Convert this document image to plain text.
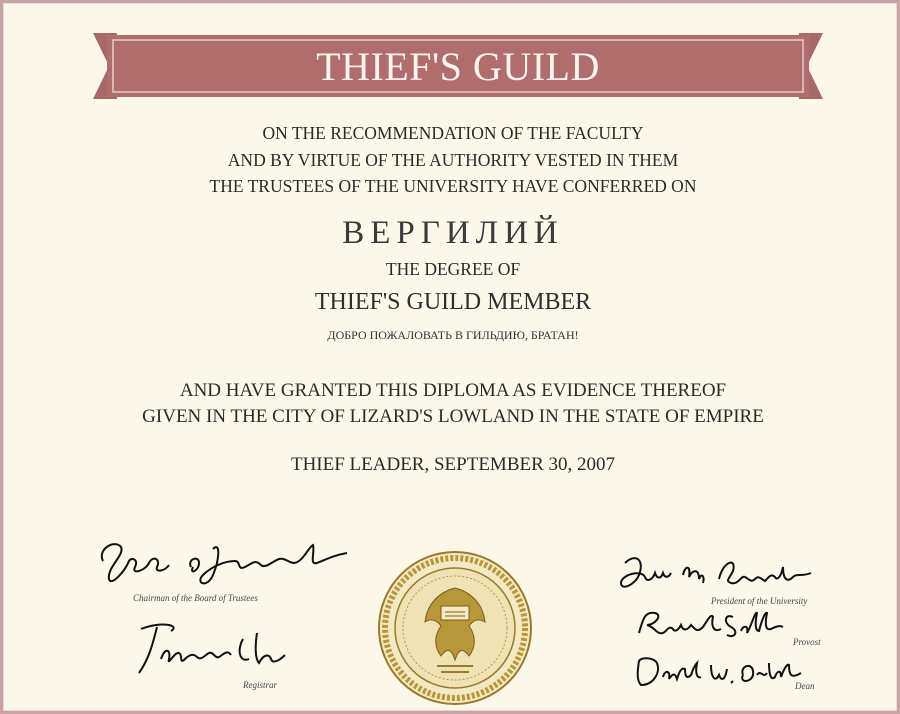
THIEF'S GUILD
ON THE RECOMMENDATION OF THE FACULTY
AND BY VIRTUE OF THE AUTHORITY VESTED IN THEM
THE TRUSTEES OF THE UNIVERSITY HAVE CONFERRED ON
ВЕРГИЛИЙ
THE DEGREE OF
THIEF'S GUILD MEMBER
ДОБРО ПОЖАЛОВАТЬ В ГИЛЬДИЮ, БРАТАН!
AND HAVE GRANTED THIS DIPLOMA AS EVIDENCE THEREOF
GIVEN IN THE CITY OF LIZARD'S LOWLAND IN THE STATE OF EMPIRE
THIEF LEADER, SEPTEMBER 30, 2007
Chairman of the Board of Trustees
Registrar
President of the University
Provost
Dean
